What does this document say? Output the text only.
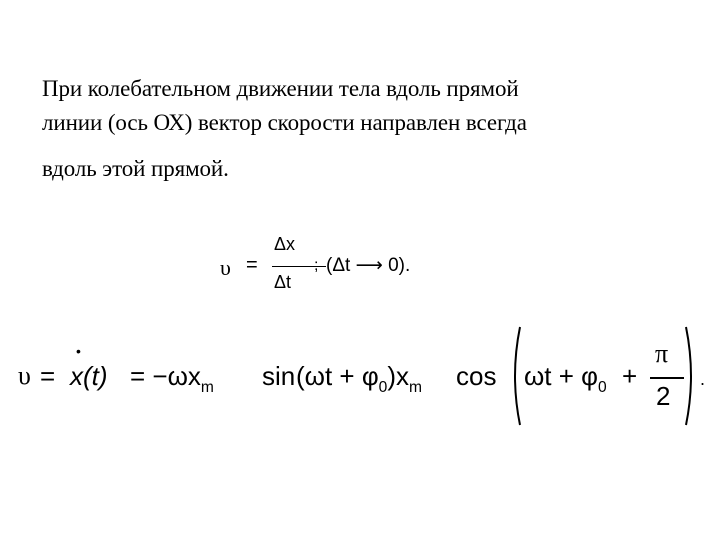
При колебательном движении тела вдоль прямой
линии (ось ОХ) вектор скорости направлен всегда
вдоль этой прямой.
υ =
Δx
Δt
; (Δt ⟶ 0).
υ =
•
$x(t) = -\omega x_m$ $\sin (\omega t + \varphi_0)x_m$ $\cos \omega t + \varphi_0$ +
π
2
.
